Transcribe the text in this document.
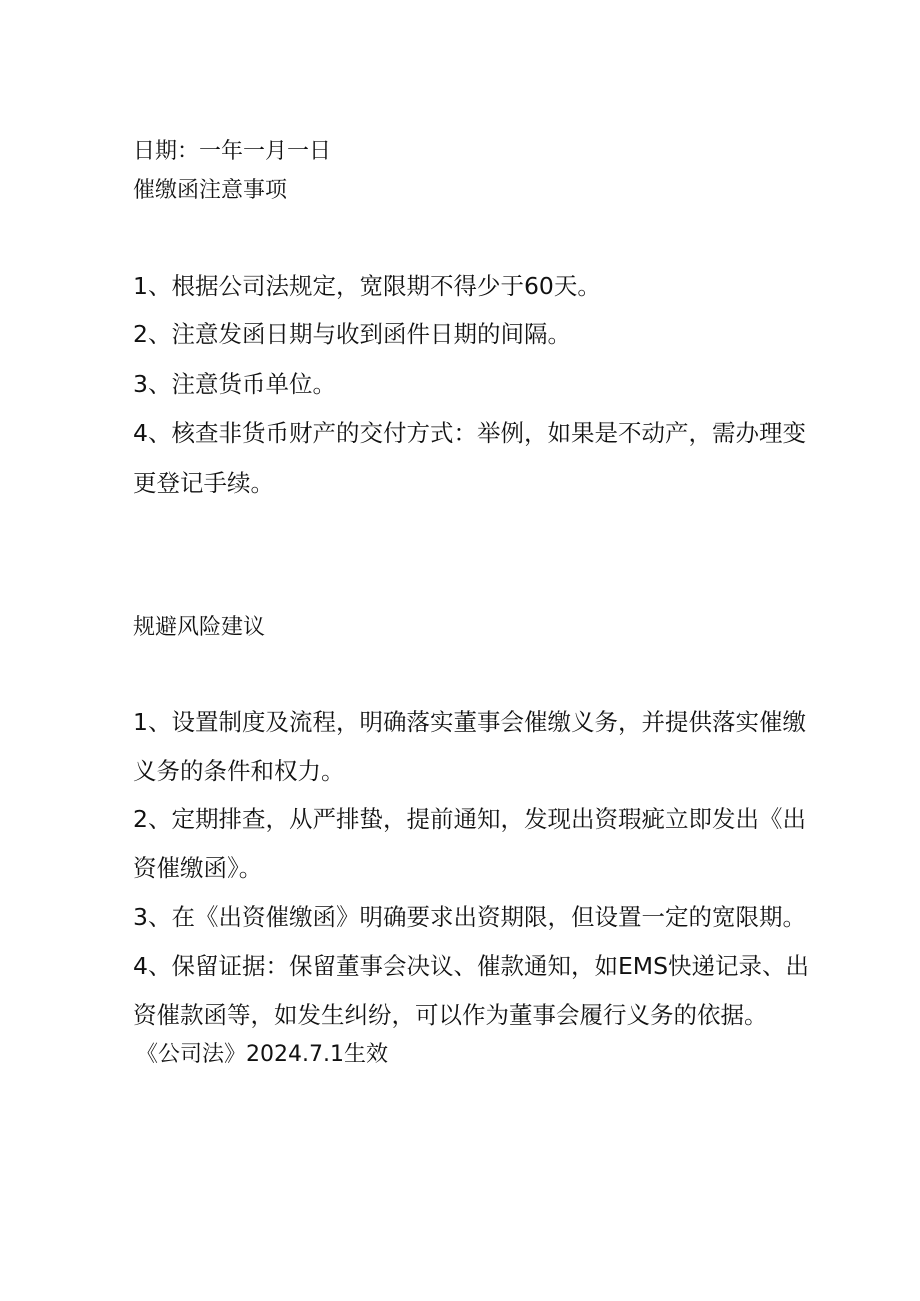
日期：一年一月一日

催缴函注意事项

1、根据公司法规定，宽限期不得少于60天。

2、注意发函日期与收到函件日期的间隔。

3、注意货币单位。

4、核查非货币财产的交付方式：举例，如果是不动产，需办理变

更登记手续。

规避风险建议

1、设置制度及流程，明确落实董事会催缴义务，并提供落实催缴

义务的条件和权力。

2、定期排查，从严排蛰，提前通知，发现出资瑕疵立即发出《出

资催缴函》。

3、在《出资催缴函》明确要求出资期限，但设置一定的宽限期。

4、保留证据：保留董事会决议、催款通知，如EMS快递记录、出

资催款函等，如发生纠纷，可以作为董事会履行义务的依据。

《公司法》2024.7.1生效
